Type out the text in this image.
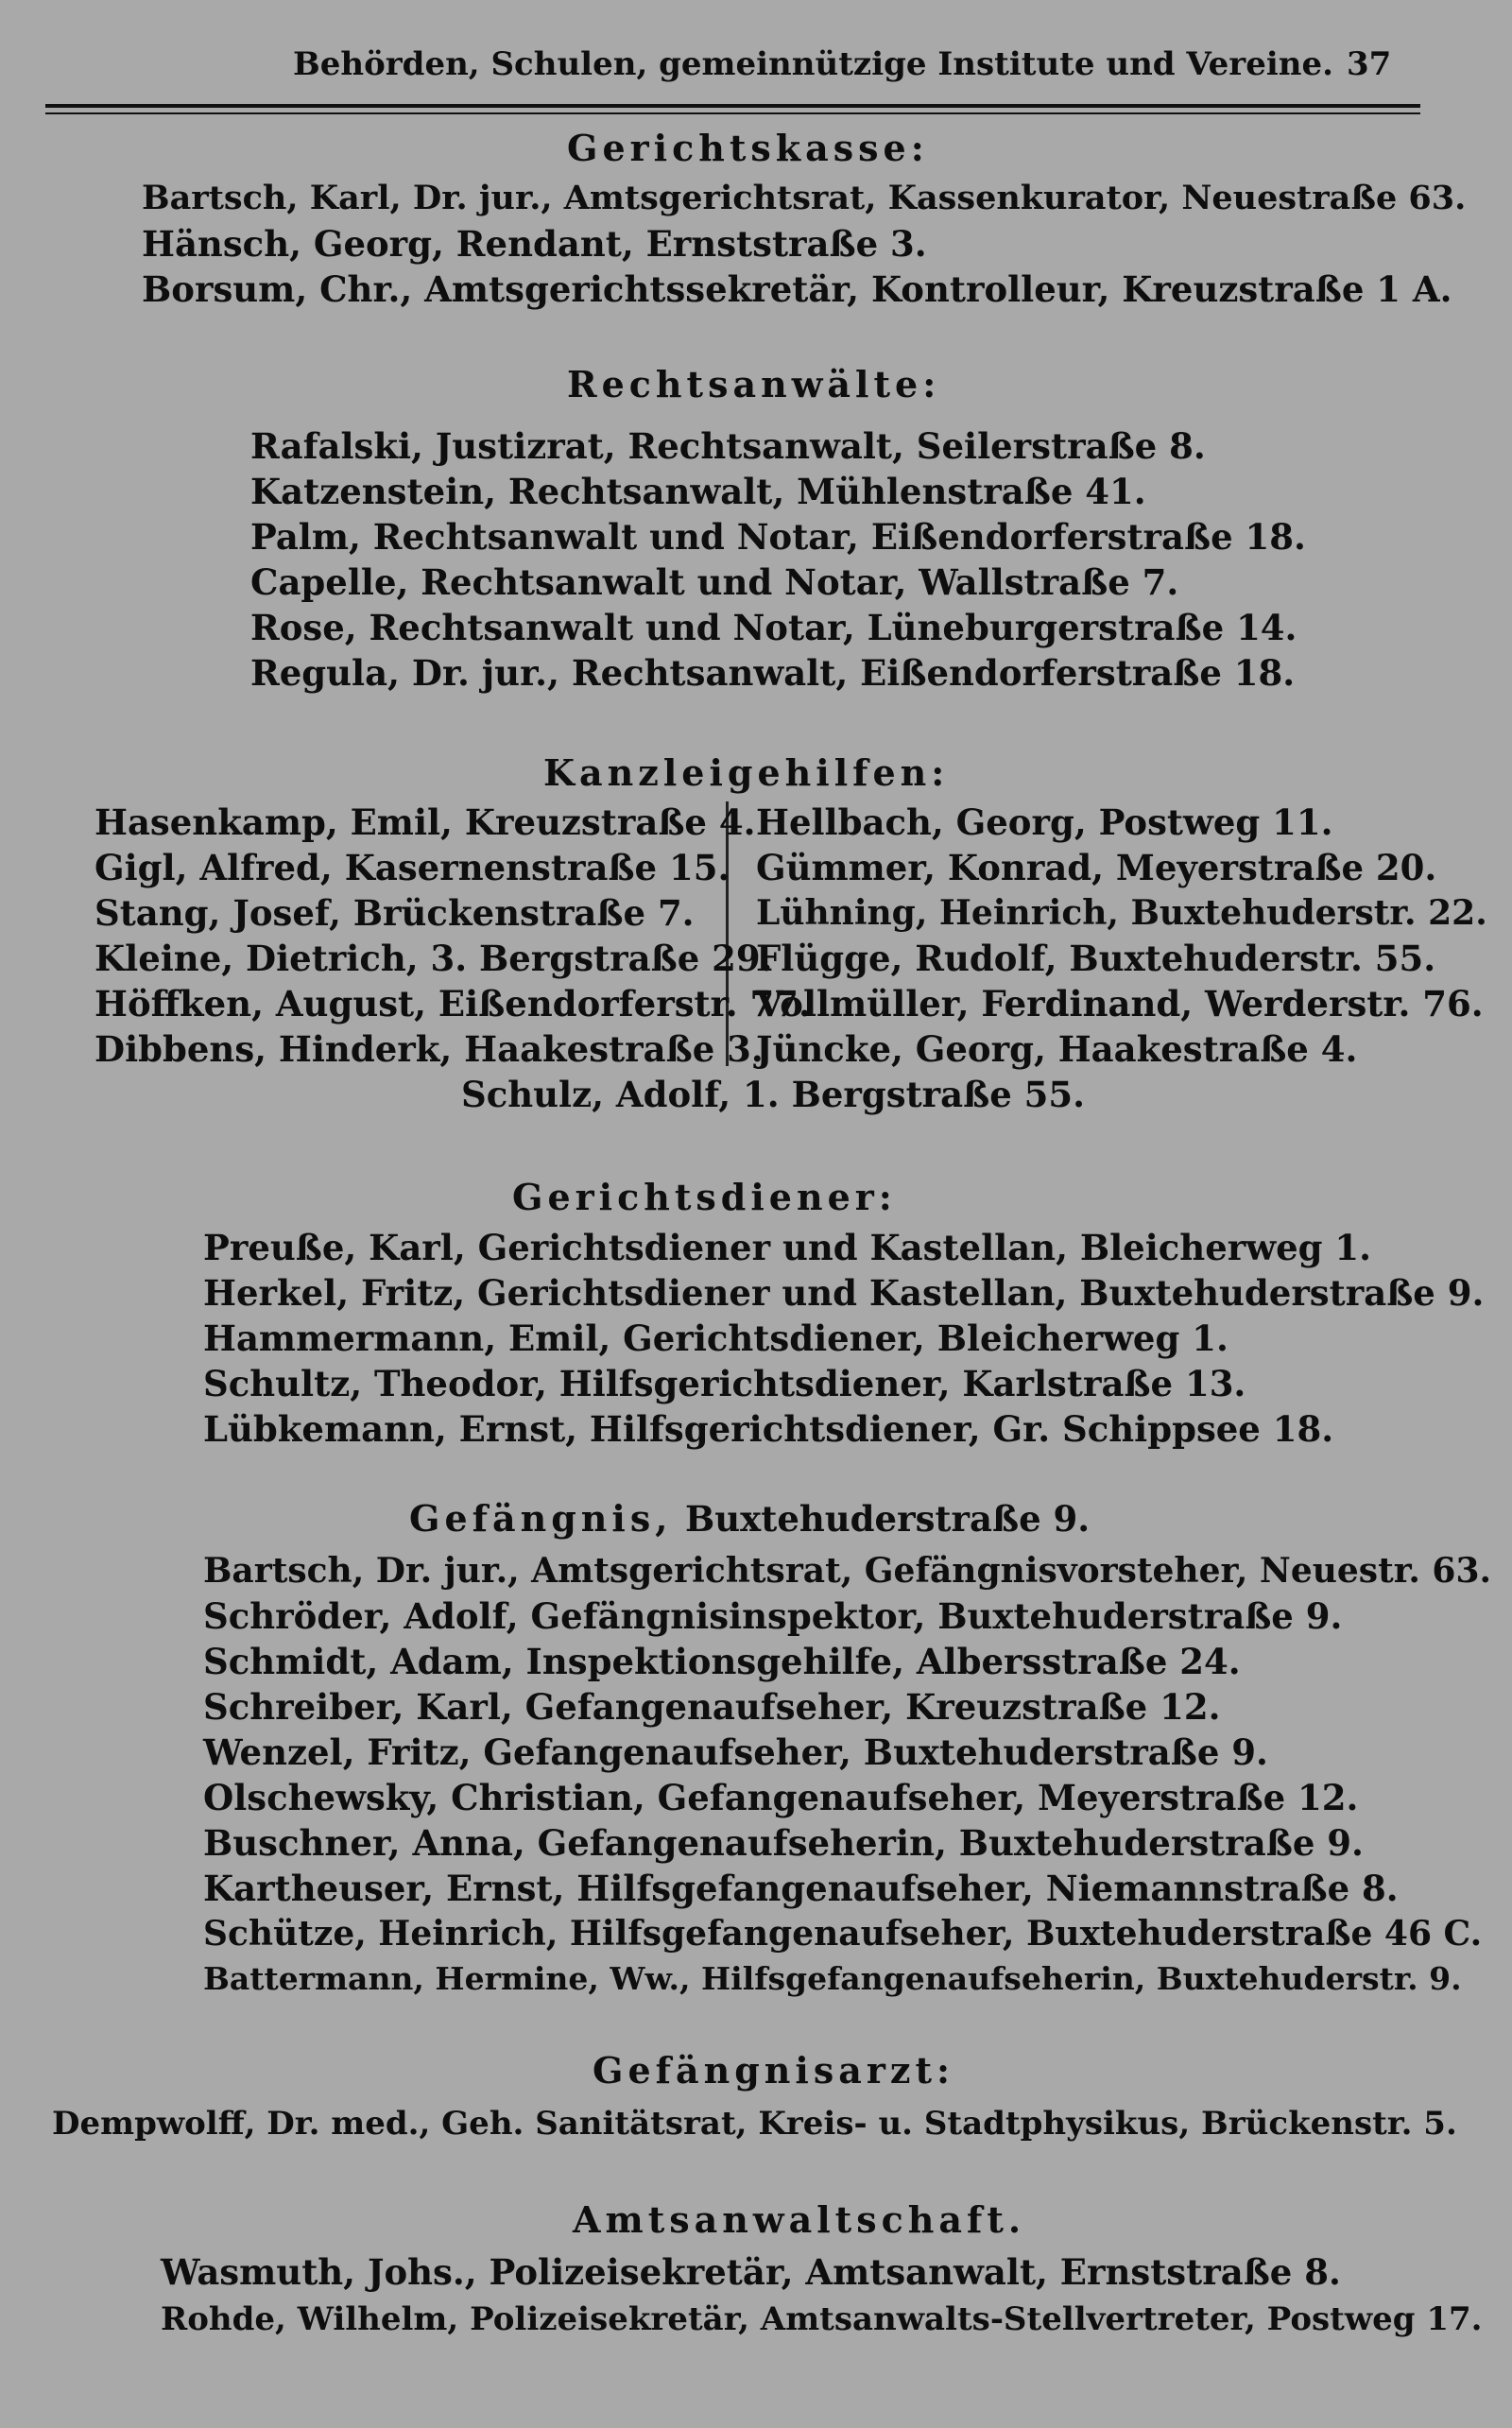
Behörden, Schulen, gemeinnützige Institute und Vereine. 37
Gerichtskasse:
Bartsch, Karl, Dr. jur., Amtsgerichtsrat, Kassenkurator, Neuestraße 63.
Hänsch, Georg, Rendant, Ernststraße 3.
Borsum, Chr., Amtsgerichtssekretär, Kontrolleur, Kreuzstraße 1 A.
Rechtsanwälte:
Rafalski, Justizrat, Rechtsanwalt, Seilerstraße 8.
Katzenstein, Rechtsanwalt, Mühlenstraße 41.
Palm, Rechtsanwalt und Notar, Eißendorferstraße 18.
Capelle, Rechtsanwalt und Notar, Wallstraße 7.
Rose, Rechtsanwalt und Notar, Lüneburgerstraße 14.
Regula, Dr. jur., Rechtsanwalt, Eißendorferstraße 18.
Kanzleigehilfen:
Hasenkamp, Emil, Kreuzstraße 4.
Gigl, Alfred, Kasernenstraße 15.
Stang, Josef, Brückenstraße 7.
Kleine, Dietrich, 3. Bergstraße 29.
Höffken, August, Eißendorferstr. 77.
Dibbens, Hinderk, Haakestraße 3.
Hellbach, Georg, Postweg 11.
Gümmer, Konrad, Meyerstraße 20.
Lühning, Heinrich, Buxtehuderstr. 22.
Flügge, Rudolf, Buxtehuderstr. 55.
Vollmüller, Ferdinand, Werderstr. 76.
Jüncke, Georg, Haakestraße 4.
Schulz, Adolf, 1. Bergstraße 55.
Gerichtsdiener:
Preuße, Karl, Gerichtsdiener und Kastellan, Bleicherweg 1.
Herkel, Fritz, Gerichtsdiener und Kastellan, Buxtehuderstraße 9.
Hammermann, Emil, Gerichtsdiener, Bleicherweg 1.
Schultz, Theodor, Hilfsgerichtsdiener, Karlstraße 13.
Lübkemann, Ernst, Hilfsgerichtsdiener, Gr. Schippsee 18.
Gefängnis, Buxtehuderstraße 9.
Bartsch, Dr. jur., Amtsgerichtsrat, Gefängnisvorsteher, Neuestr. 63.
Schröder, Adolf, Gefängnisinspektor, Buxtehuderstraße 9.
Schmidt, Adam, Inspektionsgehilfe, Albersstraße 24.
Schreiber, Karl, Gefangenaufseher, Kreuzstraße 12.
Wenzel, Fritz, Gefangenaufseher, Buxtehuderstraße 9.
Olschewsky, Christian, Gefangenaufseher, Meyerstraße 12.
Buschner, Anna, Gefangenaufseherin, Buxtehuderstraße 9.
Kartheuser, Ernst, Hilfsgefangenaufseher, Niemannstraße 8.
Schütze, Heinrich, Hilfsgefangenaufseher, Buxtehuderstraße 46 C.
Battermann, Hermine, Ww., Hilfsgefangenaufseherin, Buxtehuderstr. 9.
Gefängnisarzt:
Dempwolff, Dr. med., Geh. Sanitätsrat, Kreis- u. Stadtphysikus, Brückenstr. 5.
Amtsanwaltschaft.
Wasmuth, Johs., Polizeisekretär, Amtsanwalt, Ernststraße 8.
Rohde, Wilhelm, Polizeisekretär, Amtsanwalts-Stellvertreter, Postweg 17.
